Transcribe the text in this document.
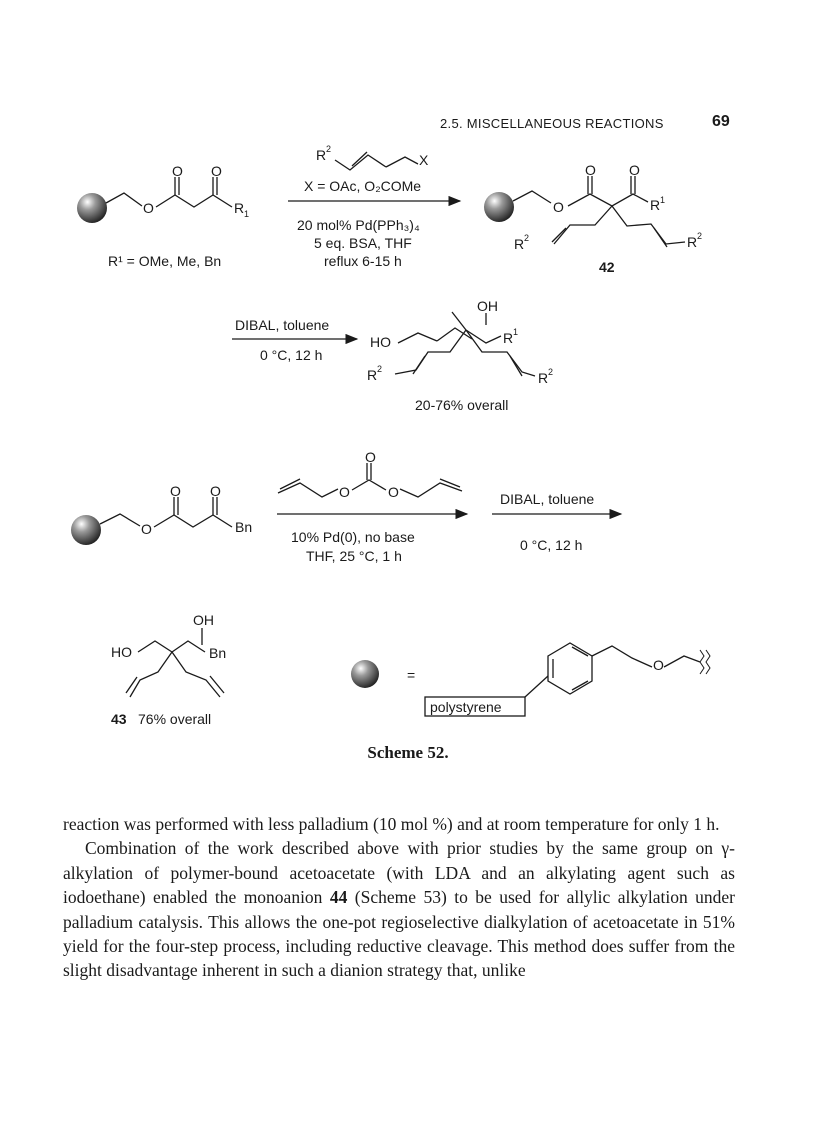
2.5. MISCELLANEOUS REACTIONS	69
O O
O	R 1
R¹ = OMe, Me, Bn
R 2
X
X = OAc, O₂COMe
20 mol% Pd(PPh₃)₄
5 eq. BSA, THF
reflux 6-15 h
O O
O	R 1
R 2	R 2
42
DIBAL, toluene
0 °C, 12 h
HO
OH
R 1
R 2
R 2
20-76% overall
O O
O	Bn
O
O	O
10% Pd(0), no base
THF, 25 °C, 1 h
DIBAL, toluene
0 °C, 12 h
OH
HO	Bn
43 76% overall
=
polystyrene
O
Scheme 52.

reaction was performed with less palladium (10 mol %) and at room temperature for only 1 h.

Combination of the work described above with prior studies by the same group on γ-alkylation of polymer-bound acetoacetate (with LDA and an alkylating agent such as iodoethane) enabled the monoanion 44 (Scheme 53) to be used for allylic alkylation under palladium catalysis. This allows the one-pot regioselective dialkylation of acetoacetate in 51% yield for the four-step process, including reductive cleavage. This method does suffer from the slight disadvantage inherent in such a dianion strategy that, unlike
